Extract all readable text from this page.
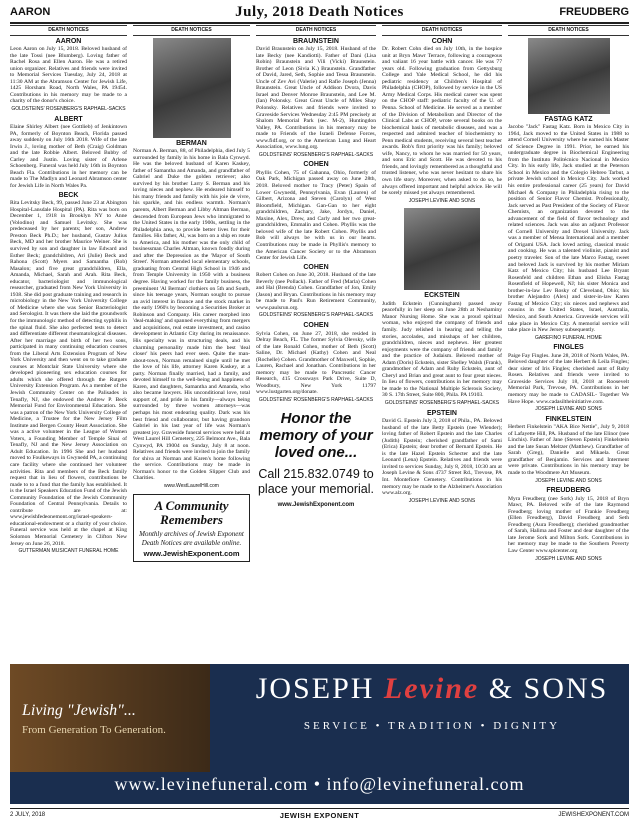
AARON	July, 2018 Death Notices	FREUDBERG
DEATH NOTICES
AARON

Leon Aaron on July 15, 2018. Beloved husband of the late Tossi (nee Blumberg). Loving father of Rachel Rosa and Ellen Aaron. He was a retired union organizer. Relatives and friends were invited to Memorial Services Tuesday, July 24, 2018 at 11:30 AM at the Abramson Center for Jewish Life, 1425 Horsham Road, North Wales, PA 19454. Contributions in his memory may be made to a charity of the donor's choice.

GOLDSTEINS' ROSENBERG'S RAPHAEL-SACKS
ALBERT

Elaine Shirley Albert (nee Gottlieb) of Jenkintown PA, formerly of Boynton Beach, Florida passed away suddenly on July 16th 2018. Wife of the late Irwin J., loving mother of Beth (Craig) Goldman and the late Robbie Albert. Beloved Bubby of Carley and Justin. Loving sister of Arlene Schoenberg. Funeral was held July 16th in Boynton Beach Fla. Contributions in her memory can be made to The Madlyn and Leonard Abramson center for Jewish Life in North Wales Pa.

BECK

Rita Levitsky Beck, 99, passed June 23 at Abington Hospital-Lansdale Hospital (PA). Rita was born on December 1, 1918 in Brooklyn NY to Anne (Volodino) and Samuel Levitsky. She was predeceased by her parents; her son, Andrew Preston Beck Ph.D.; her husband, Gustav Julius Beck, MD and her brother Maurice Weiner. She is survived by son and daughter in law Edward and Esther Beck; grandchildren, Ari (Julie) Beck and Rahona (Scott) Myers and Samantha (Rob) Masalon; and five great grandchildren, Ella, Amanda, Michael, Sarah and Arah. Rita Beck, educator, bacteriologist and immunological researcher, graduated from New York University in 1938. She did post graduate training and research in microbiology in the New York University College of Medicine where she was Senior Bacteriologist and Serologist. It was there she laid the groundwork for the immunologic method of detecting syphilis in the spinal fluid. She also perfected tests to detect and differentiate different rheumatological diseases. After her marriage and birth of her two sons, participated in many continuing education courses from the Liberal Arts Extension Program of New York University and then went on to take graduate courses at Montclair State University where she developed pioneering sex education courses for adults which she offered through the Rutgers University Extension Program. As a member of the Jewish Community Center on the Palisades in Tenafly, NJ, she endowed the Andrew P. Beck Memorial Fund for Environmental Education. She was a patron of the New York University College of Medicine, a Trustee for the New Jersey Film Institute and Bergen County Heart Association. She was a active volunteer in the League of Women Voters, a Founding Member of Temple Sinai of Tenafly, NJ and the New Jersey Association on Adult Education. In 1996 She and her husband moved to Foulkeways in Gwynedd PA, a continuing care facility where she continued her volunteer activities. Rita and members of the Beck family request that in lieu of flowers, contributions be made to to a fund that the family has established. It is the Israel Speakers Education Fund of the Jewish Community Foundation of the Jewish Community Foundation of Central Pennsylvania. Details to contribute are at: www.jewishfedeonemont.org/israel-speakers-educational-endowment or a charity of your choice. Funeral service was held at the chapel at King Solomon Memorial Cemetery in Clifton New Jersey on June 26, 2018.

GUTTERMAN MUSICANT FUNERAL HOME
DEATH NOTICES
BERMAN

Norman A. Berman, 88, of Philadelphia, died July 5 surrounded by family in his home in Bala Cynwyd. He was the beloved husband of Karen Kaskey, father of Samantha and Amanda, and grandfather of Gabriel and Duke the golden retriever; also survived by his brother Larry S. Berman and his loving nieces and nephew. He endeared himself to his many friends and family with his joie de vivre, his sparkle, and his endless warmth. Norman's parents, Albert Berman and Libby Altman Berman, descended from European Jews who immigrated to the United States in the early 1900s, settling in the Philadelphia area, to provide better lives for their families. His father, Al, was born on a ship en route to America, and his mother was the only child of businessman Charles Altman, known fondly during and after the Depression as the 'Mayor of South Street'. Norman attended local elementary schools, graduating from Central High School in 1946 and from Temple University in 1950 with a business degree. Having worked for the family business, the preeminent 'Al Berman' clothiers on 5th and South, since his teenage years, Norman sought to pursue an avid interest in finance and the stock market in the early 1960's by becoming a Securities Broker at Robinson and Company. His career morphed into 'deal-making' and spanned everything from mergers and acquisitions, real estate investment, and casino development in Atlantic City during its renaissance. His specialty was in structuring deals, and his charming personality made him the best 'deal closer' his peers had ever seen. Quite the man-about-town, Norman remained single until he met the love of his life, attorney Karen Kaskey, at a party. Norman finally married, had a family, and devoted himself to the well-being and happiness of Karen, and daughters, Samantha and Amanda, who also became lawyers. His unconditional love, total support of, and pride in his family—always being surrounded by three women attorneys—was perhaps his most endearing quality. Dark was his best friend and collaborator, but having grandson Gabriel in his last year of life was Norman's greatest joy. Graveside funeral services were held at West Laurel Hill Cemetery, 225 Belmont Ave., Bala Cynwyd, PA 19004 on Sunday, July 8 at noon. Relatives and friends were invited to join the family for shiva at Norman and Karen's home following the service. Contributions may be made in Norman's honor to the Golden Slipper Club and Charities.

www.WestLaurelHill.com
A Community Remembers
Monthly archives of Jewish Exponent Death Notices are available online.
www.JewishExponent.com
DEATH NOTICES
BRAUNSTEIN

David Braunstein on July 15, 2018. Husband of the late Becky (nee Kandiotti). Father of Dani (Lisa Robin) Braunstein and Vili (Vicki) Braunstein. Brother of Leon (Sivia K.) Braunstein. Grandfather of David, Jared, Seth, Sophie and Tessa Braunstein. Uncle of Zev Avi (Valerie) and Rafie Joseph (Jenna) Braunstein. Great Uncle of Addison Dvora, Davis Israel and Denver Monroe Braunstein, and Lee M. (Ian) Polonsky. Great Great Uncle of Miles Shay Polonsky. Relatives and friends were invited to Graveside Services Wednesday 2:45 PM precisely at Shalom Memorial Park (sec. M-2), Huntingdon Valley, PA. Contributions in his memory may be made to Friends of the Israeli Defense Forces, www.fidf.org, or to the American Lung and Heart Association, www.lung.org.

GOLDSTEINS' ROSENBERG'S RAPHAEL-SACKS
COHEN

Phyllis Cohen, 75 of Gahanna, Ohio, formerly of Oak Park, Michigan passed away on June 28th, 2018. Beloved mother to Tracy (Peter) Spain of Lower Gwynedd, Pennsylvania, Evan (Lauren) of Gilbert, Arizona and Steven (Carolyn) of West Bloomfield, Michigan. Gan-Gan to her eight grandchildren, Zachary, Jake, Jordyn, Daniel, Maxine, Alex, Drew, and Carly and her two great-grandchildren, Emmalin and Cohen. Phyllis was the beloved wife of the late Robert Cohen. Phyllis and Bob will always be with us in our hearts. Contributions may be made in Phyllis's memory to the American Cancer Society or to the Abramson Center for Jewish Life.

COHEN

Robert Cohen on June 30, 2018. Husband of the late Beverly (nee Pollack). Father of Fred (Marla) Cohen and Hal (Brenda) Cohen. Grandfather of Jon, Emily (Jason) and Bryan. Contributions in his memory may be made to Paul's Run Retirement Community, www.paulsrun.org.

GOLDSTEINS' ROSENBERG'S RAPHAEL-SACKS
COHEN

Sylvia Cohen, on June 27, 2018, she resided in Delray Beach, FL. The former Sylvia Olevsky, wife of the late Ronald Cohen, mother of Beth (Scott) Saline, Dr. Michael (Kathy) Cohen and Neal (Rochelle) Cohen. Grandmother of Maxwell, Sophie, Lauren, Rachael and Jonathan. Contributions in her memory may be made to Pancreatic Cancer Research, 415 Crossways Park Drive, Suite D, Woodbury, New York 11797 www.lustgarten.org/donate.

GOLDSTEINS' ROSENBERG'S RAPHAEL-SACKS
Honor the memory of your loved one...
Call 215.832.0749 to place your memorial.
www.JewishExponent.com
DEATH NOTICES
COHN

Dr. Robert Cohn died on July 10th, in the hospice unit at Bryn Mawr Terrace, following a courageous and valiant 16 year battle with cancer. He was 77 years old. Following graduation from Gettysburg College and Yale Medical School, he did his pediatric residency at Children's Hospital of Philadelphia (CHOP), followed by service in the US Army Medical Corps. His medical career was spent on the CHOP staff: pediatric faculty of the U. of Penna. School of Medicine. He served as a member of the Division of Metabolism and Director of the Clinical Labs at CHOP, wrote several books on the biochemical basis of metabolic diseases, and was a respected and admired teacher of biochemistry to Penn medical students, receiving several best teacher awards. Bob's first priority was his family; beloved wife, Nancy, to whom he was married for 50 years, and sons Eric and Scott. He was devoted to his friends, and lovingly remembered as a thoughtful and trusted listener, who was never hesitant to share his own life story. Moreover, when asked to do so, he always offered important and helpful advice. He will be sorely missed yet always remembered.

JOSEPH LEVINE AND SONS
ECKSTEIN

Judith Eckstein (Cunningham) passed away peacefully in her sleep on June 28th at Neshaminy Manor Nursing Home. She was a proud spiritual woman, who enjoyed the company of friends and family. Judy relished in hearing and telling the stories, accolades, and misshaps of her children, grandchildren, nieces and nephews. Her greatest enjoyments were the company of friends and family and the practice of Judaism. Beloved mother of Adam (Doris) Eckstein, sister Shelley Walsh (Frank), grandmother of Adam and Ruby Eckstein, aunt of Cheryl and Brian and great aunt to four great nieces. In lieu of flowers, contributions in her memory may be made to the National Multiple Sclerosis Society, 30 S. 17th Street, Suite 800, Phila. PA 19103.

GOLDSTEINS' ROSENBERG'S RAPHAEL-SACKS
EPSTEIN

David G. Epstein July 3, 2018 of Phila., PA. Beloved husband of the late Betty Epstein (nee Wiender); loving father of Robert Epstein and the late Charles (Judith) Epstein; cherished grandfather of Sami (Erica) Epstein; dear brother of Bernard Epstein. He is the late Hazel Epstein Schecter and the late Leonard (Lena) Epstein. Relatives and friends were invited to services Sunday, July 8, 2018, 10:30 am at Joseph Levine & Sons 4737 Street Rd., Trevose, PA Int. Montefiore Cemetery. Contributions in his memory may be made to the Alzheimer's Association www.alz.org.

JOSEPH LEVINE AND SONS
DEATH NOTICES
FASTAG KATZ

Jacobo "Jack" Fastag Katz. Born in Mexico City in 1964, Jack moved to the United States in 1988 to attend Cornell University where he earned his Master of Science Degree in 1991. Prior, he earned his undergraduate degree in Biochemical Engineering from the Instituto Politécnico Nacional in Mexico City. In his early life, Jack studied at the Peterson School in Mexico and the Colegio Hebreo Tarbut, a private Jewish school in Mexico City. Jack worked his entire professional career (25 years) for David Michael & Company in Philadelphia rising to the position of Senior Flavor Chemist. Professionally, Jack served as Past President of the Society of Flavor Chemists, an organization devoted to the advancement of the field of flavor technology and related sciences. Jack was also an adjunct Professor of Cornell University and Drexel University. Jack was a member of Mensa International and a member of Origami USA. Jack loved acting, classical music and cooking. He was a talented violinist, pianist and poetry traveler. Son of the late Marco Fastag, sweet and beloved Jack is survived by his mother Miriam Katz of Mexico City; his husband Lee Bryant Rosenfeld and children Ethan and Elisha Fastag Rosenfield of Hopewell, NJ; his sister Monica and brother-in-law Lev Rosky of Cleveland, Ohio; his brother Alejandro (Alex) and sister-in-law Karen Fastag of Mexico City; six nieces and nephews and cousins in the United States, Israel, Australia, Mexico, and South America. Graveside services will take place in Mexico City. A memorial service will take place in New Jersey subsequently.

GAREFINO FUNERAL HOME
FINGLES

Paige Fay Fingles. June 28, 2018 of North Wales, PA. Beloved daughter of the late Herbert & Leila Fingles; dear sister of Iris Fingles; cherished aunt of Ruby Rosen. Relatives and friends were invited to Graveside Services July 18, 2018 at Roosevelt Memorial Park, Trevose, PA. Contributions in her memory may be made to CADASIL- Together We Have Hope. www.cadasiltheinitiative.com.

JOSEPH LEVINE AND SONS
FINKELSTEIN

Herbert Finkelstein "AKA Bice Nettie", July 9, 2018 of Lafayette Hill, PA. Husband of the late Elinor (nee Linchis). Father of Jane (Steven Epstein) Finkelstein and the late Susan Meltzer (Matthew). Grandfather of Sarah (Greg), Danielle and Mikaela. Great grandfather of Benjamin. Services and Interment were private. Contributions in his memory may be made to the Woodmere Art Museum.

JOSEPH LEVINE AND SONS
FREUDBERG

Myra Freudberg (nee Sork) July 15, 2018 of Bryn Mawr, PA. Beloved wife of the late Raymond Freudberg; loving mother of Frankie Freudberg (Ellen Freudberg), David Freudberg and Seth Freudberg (Aura Freudberg); cherished grandmother of Sarah, Halima and Foster and dear daughter of the late Jerome Sork and Milton Sork. Contributions in her memory may be made to the Southern Poverty Law Center www.splcenter.org

JOSEPH LEVINE AND SONS
Living "Jewish"...
From Generation To Generation.
JOSEPH Levine & SONS
SERVICE • TRADITION • DIGNITY
www.levinefuneral.com • info@levinefuneral.com
2 JULY, 2018	JEWISH EXPONENT	JEWISHEXPONENT.COM
